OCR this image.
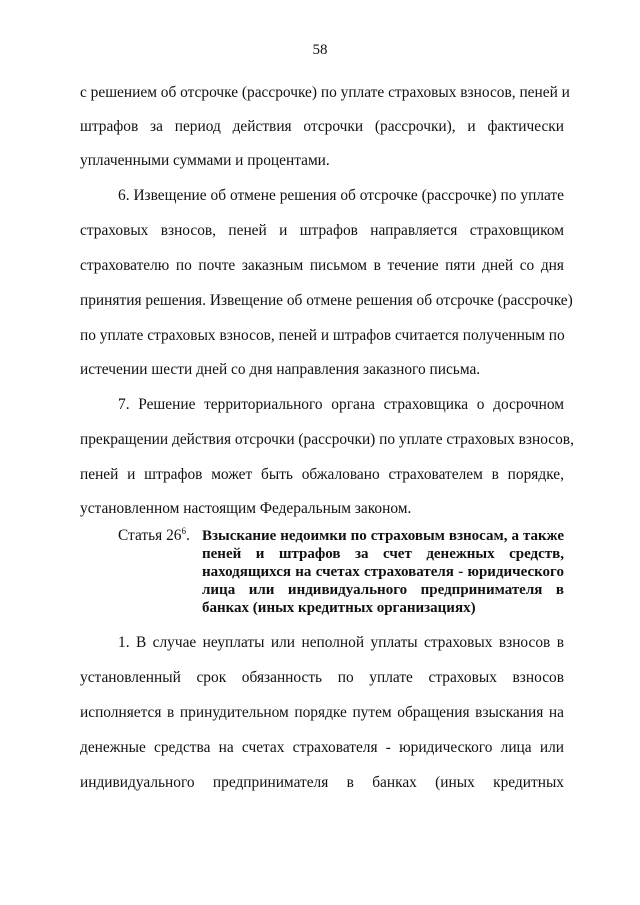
58
с решением об отсрочке (рассрочке) по уплате страховых взносов, пеней и
штрафов за период действия отсрочки (рассрочки), и фактически
уплаченными суммами и процентами.
6. Извещение об отмене решения об отсрочке (рассрочке) по уплате
страховых взносов, пеней и штрафов направляется страховщиком
страхователю по почте заказным письмом в течение пяти дней со дня
принятия решения. Извещение об отмене решения об отсрочке (рассрочке)
по уплате страховых взносов, пеней и штрафов считается полученным по
истечении шести дней со дня направления заказного письма.
7. Решение территориального органа страховщика о досрочном
прекращении действия отсрочки (рассрочки) по уплате страховых взносов,
пеней и штрафов может быть обжаловано страхователем в порядке,
установленном настоящим Федеральным законом.
Статья $26^6$. Взыскание недоимки по страховым взносам, а также
пеней и штрафов за счет денежных средств,
находящихся на счетах страхователя - юридического
лица или индивидуального предпринимателя в
банках (иных кредитных организациях)
1. В случае неуплаты или неполной уплаты страховых взносов в
установленный срок обязанность по уплате страховых взносов
исполняется в принудительном порядке путем обращения взыскания на
денежные средства на счетах страхователя - юридического лица или
индивидуального предпринимателя в банках (иных кредитных
